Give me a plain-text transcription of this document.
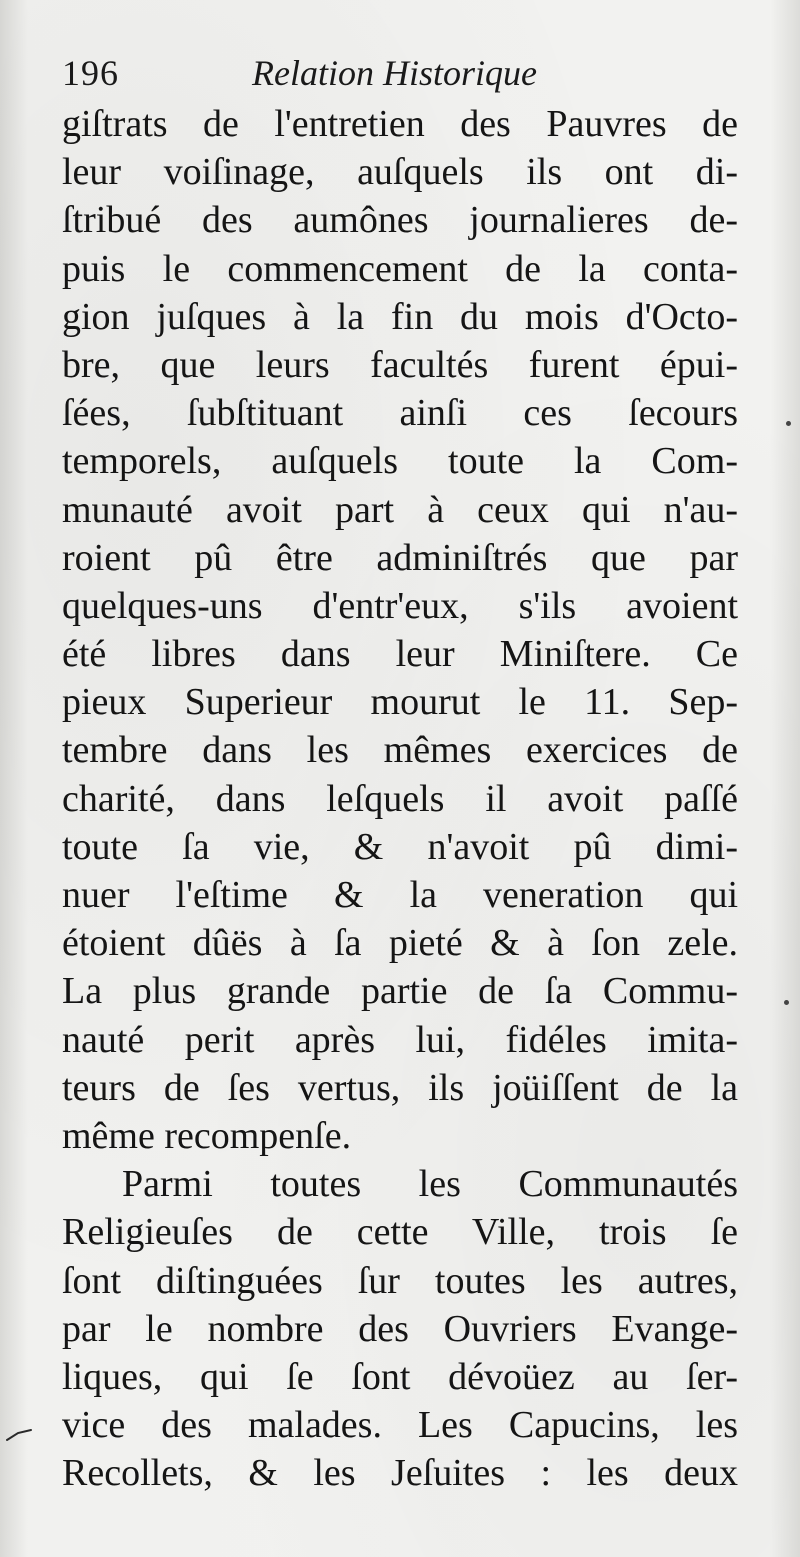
196	Relation Historique
giſtrats de l'entretien des Pauvres de
leur voiſinage, auſquels ils ont di-
ſtribué des aumônes journalieres de-
puis le commencement de la conta-
gion juſques à la fin du mois d'Octo-
bre, que leurs facultés furent épui-
ſées, ſubſtituant ainſi ces ſecours
temporels, auſquels toute la Com-
munauté avoit part à ceux qui n'au-
roient pû être adminiſtrés que par
quelques-uns d'entr'eux, s'ils avoient
été libres dans leur Miniſtere. Ce
pieux Superieur mourut le 11. Sep-
tembre dans les mêmes exercices de
charité, dans leſquels il avoit paſſé
toute ſa vie, & n'avoit pû dimi-
nuer l'eſtime & la veneration qui
étoient dûës à ſa pieté & à ſon zele.
La plus grande partie de ſa Commu-
nauté perit après lui, fidéles imita-
teurs de ſes vertus, ils joüiſſent de la
même recompenſe.
Parmi toutes les Communautés
Religieuſes de cette Ville, trois ſe
ſont diſtinguées ſur toutes les autres,
par le nombre des Ouvriers Evange-
liques, qui ſe ſont dévoüez au ſer-
vice des malades. Les Capucins, les
Recollets, & les Jeſuites : les deux
